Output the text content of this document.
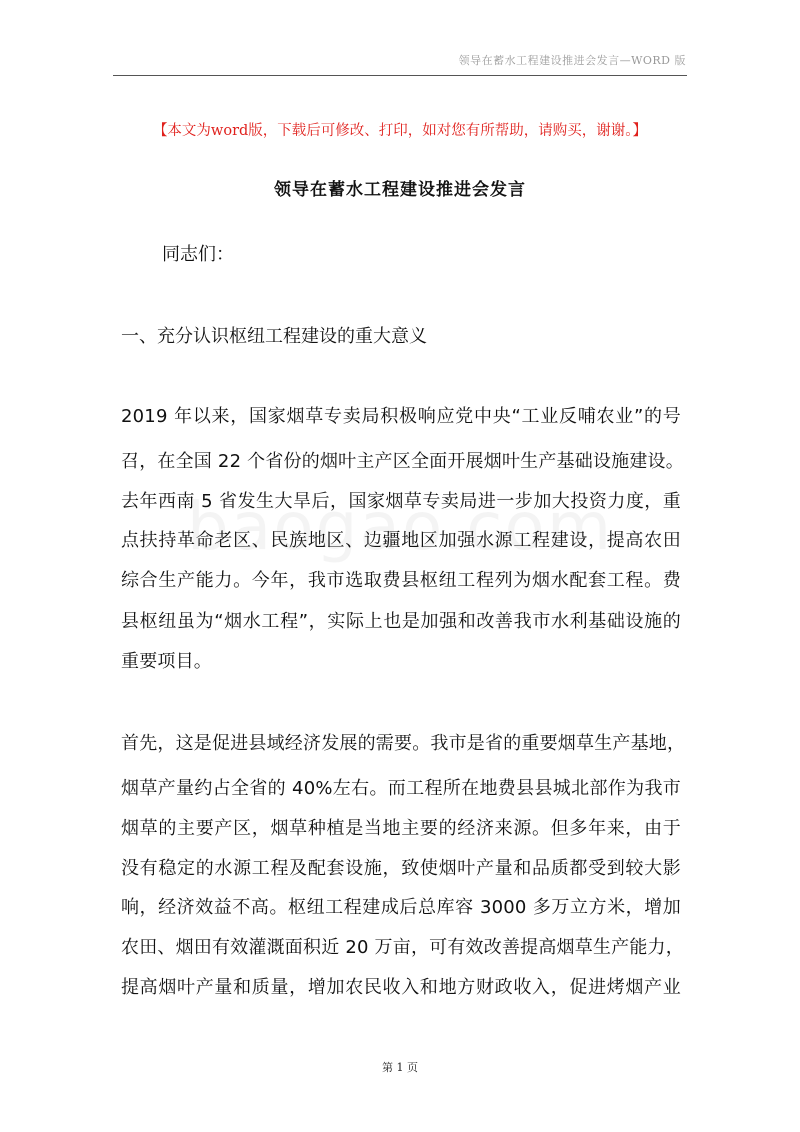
领导在蓄水工程建设推进会发言—WORD 版
【本文为word版，下载后可修改、打印，如对您有所帮助，请购买，谢谢。】
领导在蓄水工程建设推进会发言
同志们：
一、充分认识枢纽工程建设的重大意义
2019 年以来，国家烟草专卖局积极响应党中央“工业反哺农业”的号
召，在全国 22 个省份的烟叶主产区全面开展烟叶生产基础设施建设。
去年西南 5 省发生大旱后，国家烟草专卖局进一步加大投资力度，重
点扶持革命老区、民族地区、边疆地区加强水源工程建设，提高农田
综合生产能力。今年，我市选取费县枢纽工程列为烟水配套工程。费
县枢纽虽为“烟水工程”，实际上也是加强和改善我市水利基础设施的
重要项目。
首先，这是促进县域经济发展的需要。我市是省的重要烟草生产基地，
烟草产量约占全省的 40%左右。而工程所在地费县县城北部作为我市
烟草的主要产区，烟草种植是当地主要的经济来源。但多年来，由于
没有稳定的水源工程及配套设施，致使烟叶产量和品质都受到较大影
响，经济效益不高。枢纽工程建成后总库容 3000 多万立方米，增加
农田、烟田有效灌溉面积近 20 万亩，可有效改善提高烟草生产能力，
提高烟叶产量和质量，增加农民收入和地方财政收入，促进烤烟产业
第 1 页
